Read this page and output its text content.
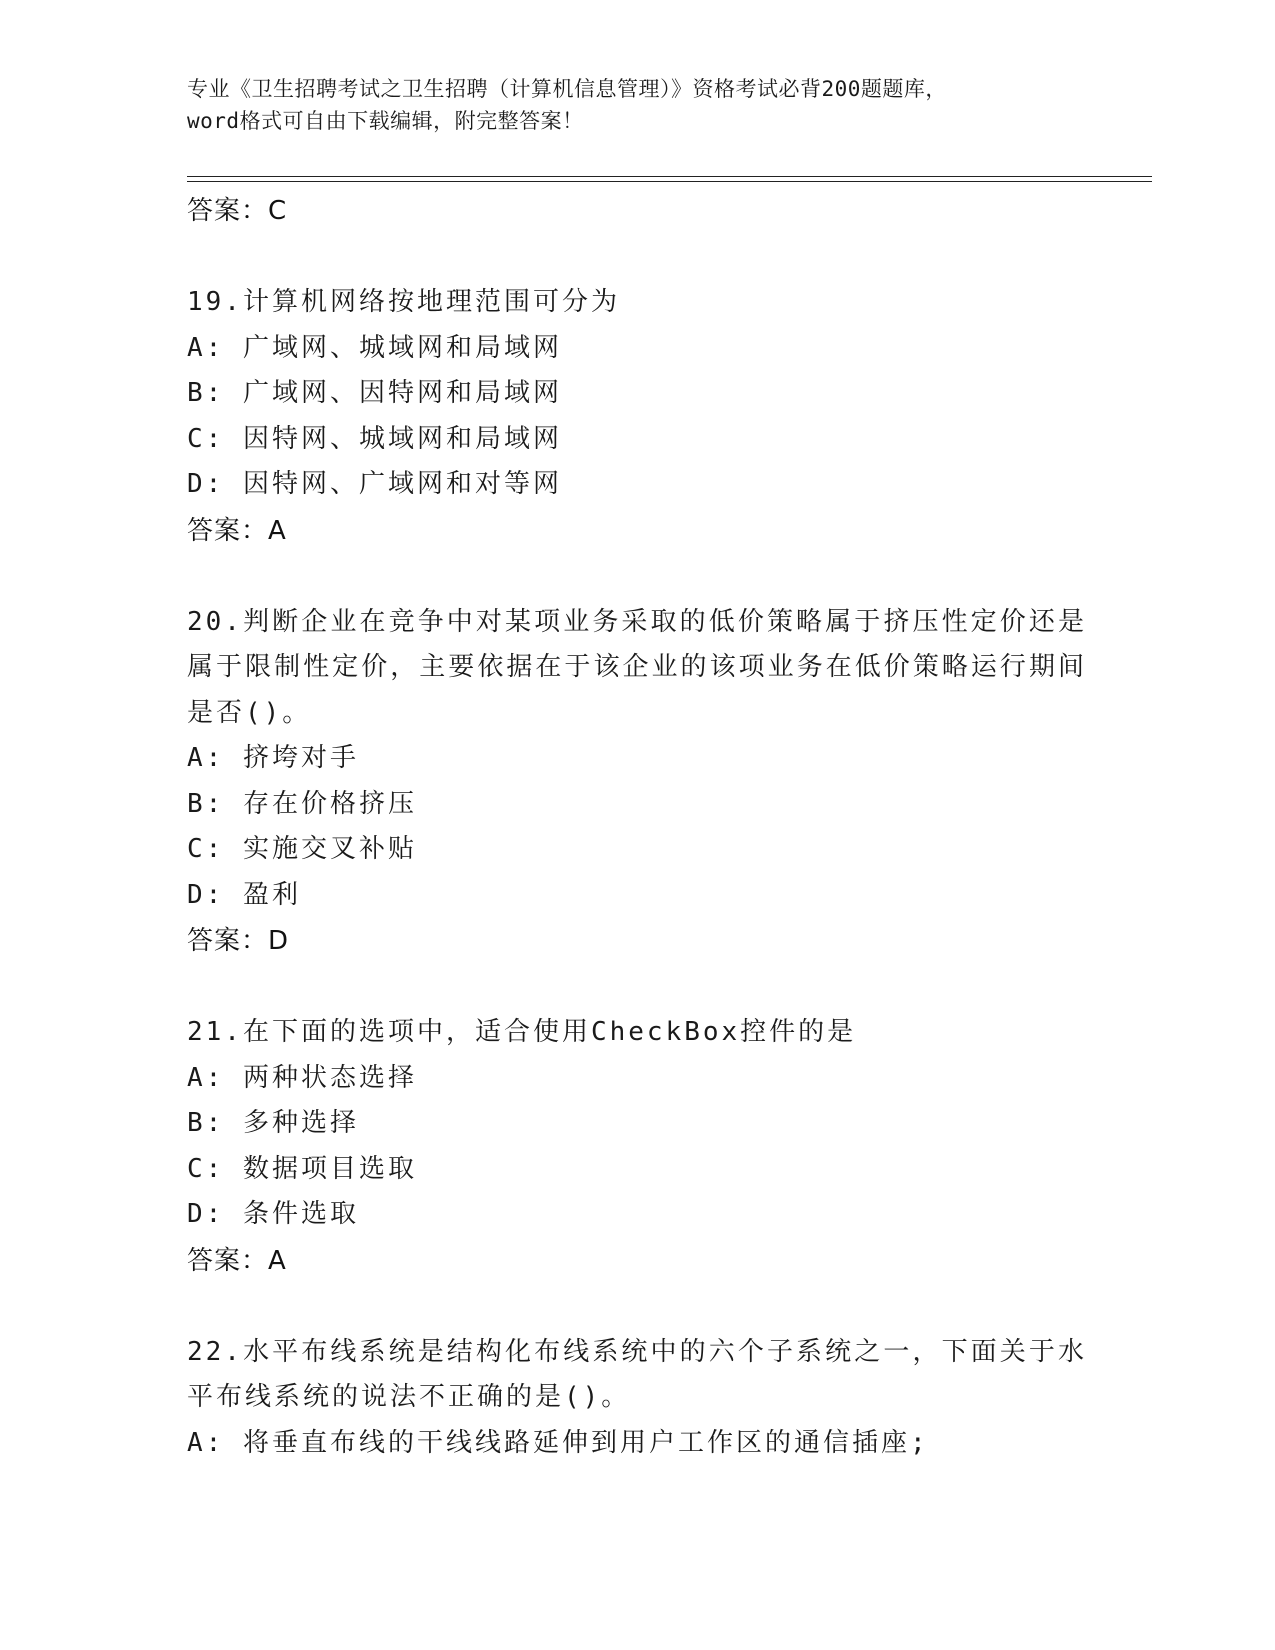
专业《卫生招聘考试之卫生招聘（计算机信息管理）》资格考试必背200题题库，
word格式可自由下载编辑，附完整答案！
答案：C
19.计算机网络按地理范围可分为
A: 广域网、城域网和局域网
B: 广域网、因特网和局域网
C: 因特网、城域网和局域网
D: 因特网、广域网和对等网
答案：A
20.判断企业在竞争中对某项业务采取的低价策略属于挤压性定价还是属于限制性定价，主要依据在于该企业的该项业务在低价策略运行期间是否()。
A: 挤垮对手
B: 存在价格挤压
C: 实施交叉补贴
D: 盈利
答案：D
21.在下面的选项中，适合使用CheckBox控件的是
A: 两种状态选择
B: 多种选择
C: 数据项目选取
D: 条件选取
答案：A
22.水平布线系统是结构化布线系统中的六个子系统之一，下面关于水平布线系统的说法不正确的是()。
A: 将垂直布线的干线线路延伸到用户工作区的通信插座;
